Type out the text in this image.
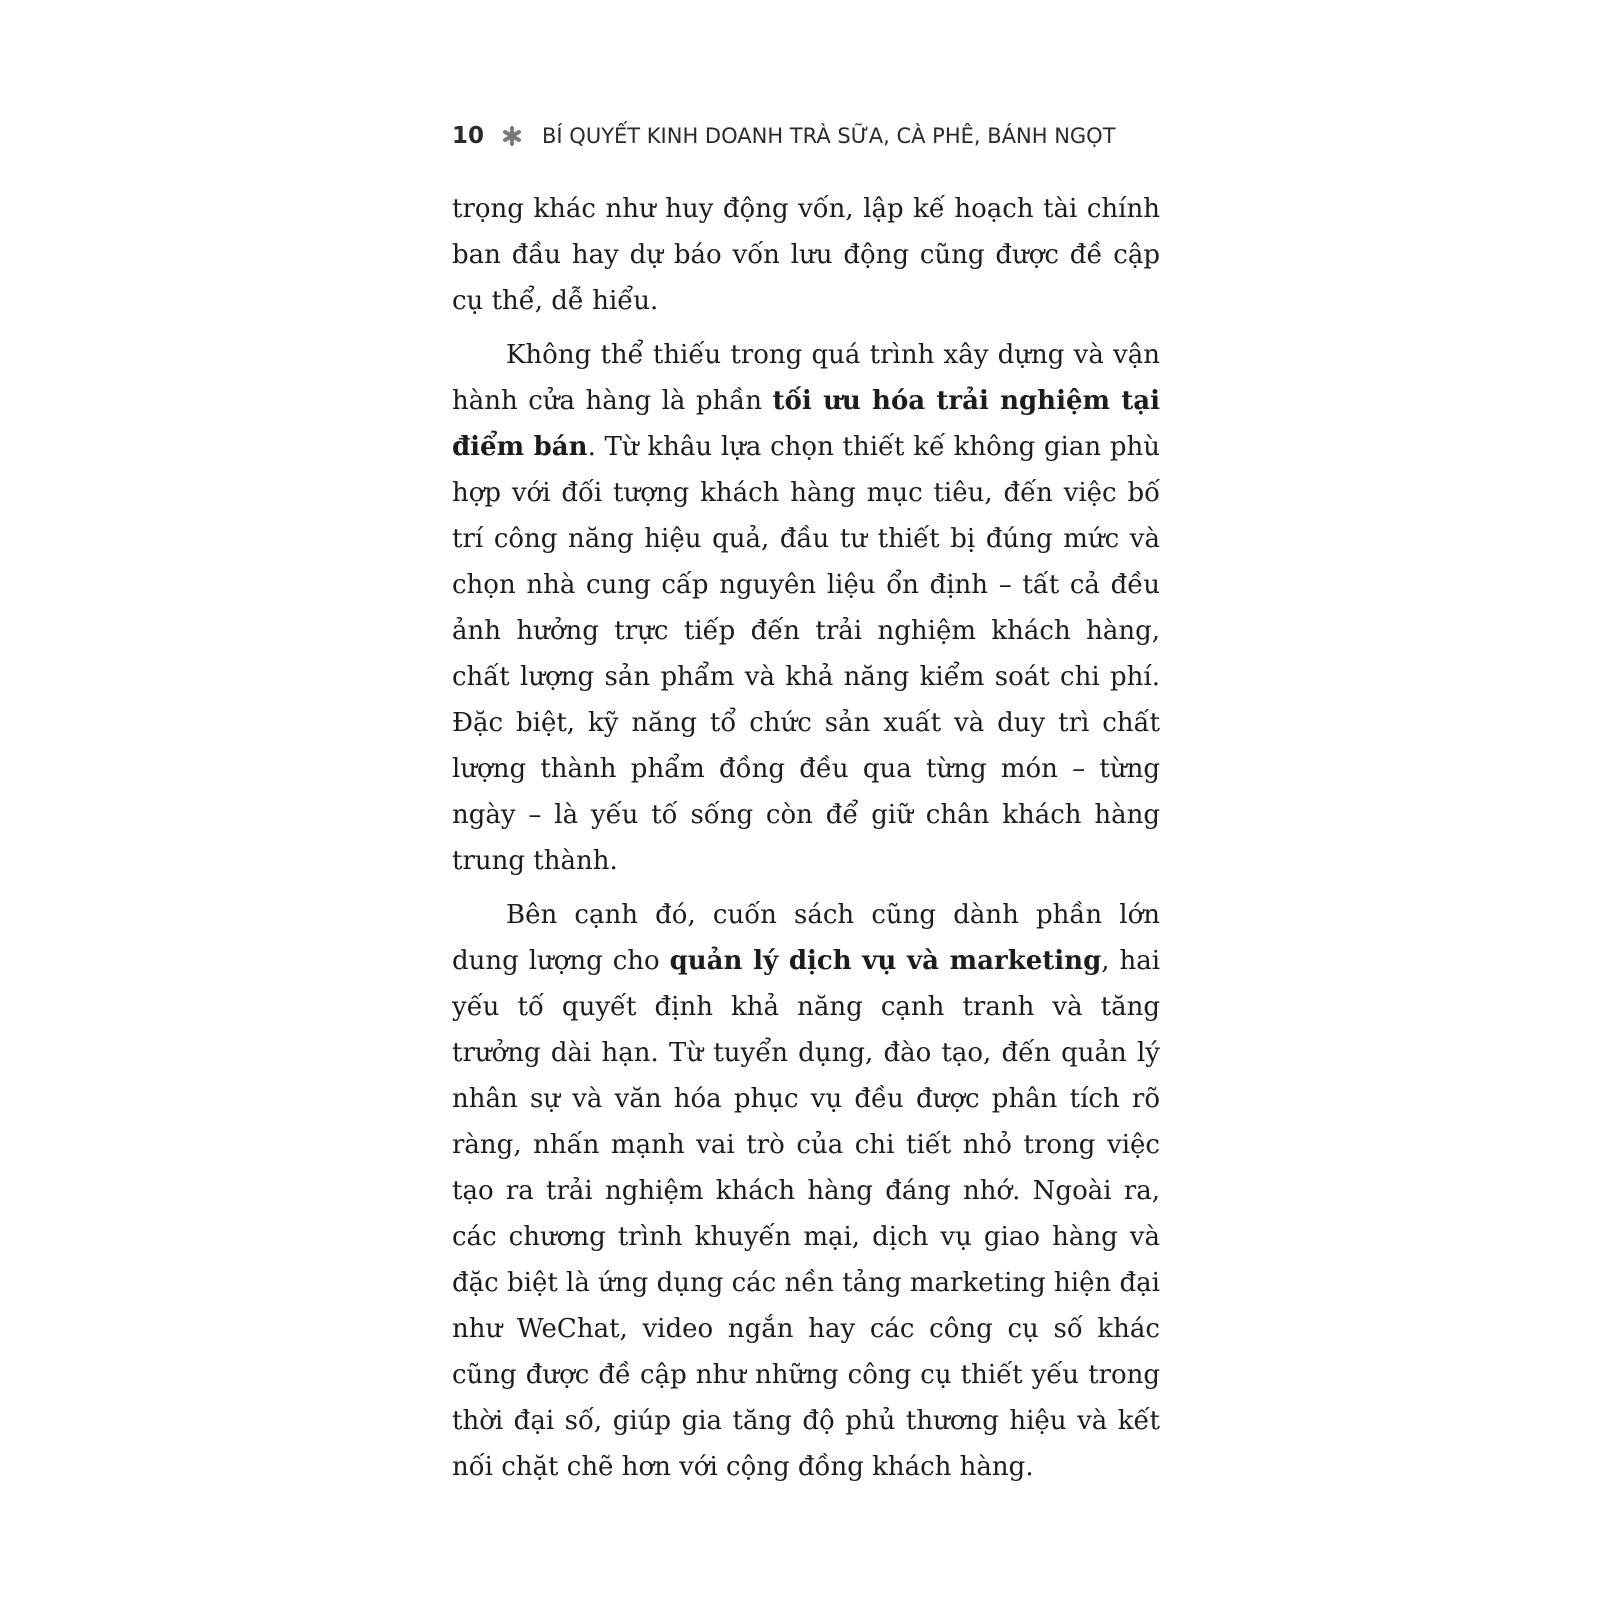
10	BÍ QUYẾT KINH DOANH TRÀ SỮA, CÀ PHÊ, BÁNH NGỌT

trọng khác như huy động vốn, lập kế hoạch tài chính ban đầu hay dự báo vốn lưu động cũng được đề cập cụ thể, dễ hiểu.

Không thể thiếu trong quá trình xây dựng và vận hành cửa hàng là phần tối ưu hóa trải nghiệm tại điểm bán. Từ khâu lựa chọn thiết kế không gian phù hợp với đối tượng khách hàng mục tiêu, đến việc bố trí công năng hiệu quả, đầu tư thiết bị đúng mức và chọn nhà cung cấp nguyên liệu ổn định – tất cả đều ảnh hưởng trực tiếp đến trải nghiệm khách hàng, chất lượng sản phẩm và khả năng kiểm soát chi phí. Đặc biệt, kỹ năng tổ chức sản xuất và duy trì chất lượng thành phẩm đồng đều qua từng món – từng ngày – là yếu tố sống còn để giữ chân khách hàng trung thành.

Bên cạnh đó, cuốn sách cũng dành phần lớn dung lượng cho quản lý dịch vụ và marketing, hai yếu tố quyết định khả năng cạnh tranh và tăng trưởng dài hạn. Từ tuyển dụng, đào tạo, đến quản lý nhân sự và văn hóa phục vụ đều được phân tích rõ ràng, nhấn mạnh vai trò của chi tiết nhỏ trong việc tạo ra trải nghiệm khách hàng đáng nhớ. Ngoài ra, các chương trình khuyến mại, dịch vụ giao hàng và đặc biệt là ứng dụng các nền tảng marketing hiện đại như WeChat, video ngắn hay các công cụ số khác cũng được đề cập như những công cụ thiết yếu trong thời đại số, giúp gia tăng độ phủ thương hiệu và kết nối chặt chẽ hơn với cộng đồng khách hàng.
